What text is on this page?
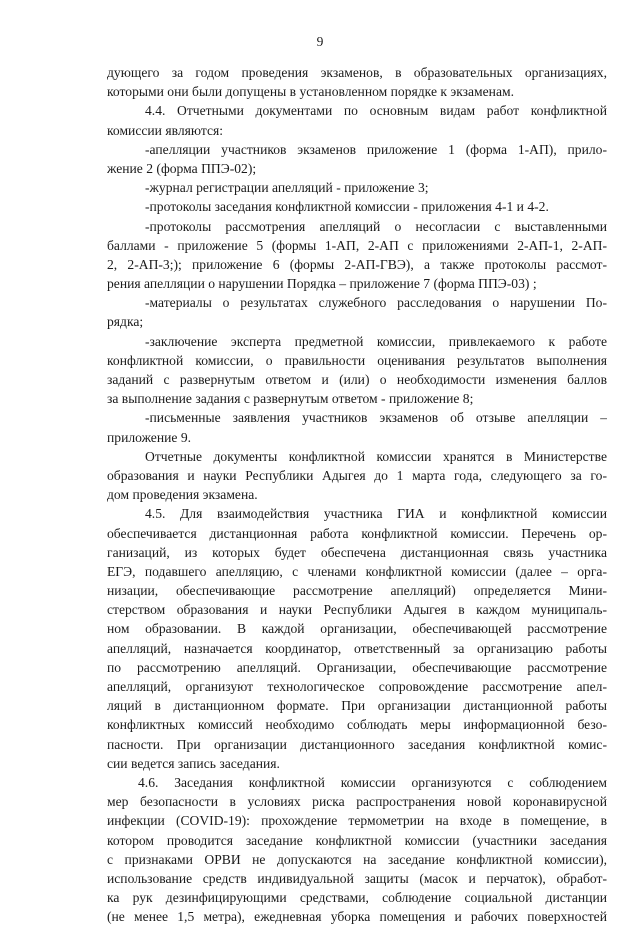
9
дующего за годом проведения экзаменов, в образовательных организациях,
которыми они были допущены в установленном порядке к экзаменам.
4.4. Отчетными документами по основным видам работ конфликтной
комиссии являются:
-апелляции участников экзаменов приложение 1 (форма 1-АП), прило-
жение 2 (форма ППЭ-02);
-журнал регистрации апелляций - приложение 3;
-протоколы заседания конфликтной комиссии - приложения 4-1 и 4-2.
-протоколы рассмотрения апелляций о несогласии с выставленными
баллами - приложение 5 (формы 1-АП, 2-АП с приложениями 2-АП-1, 2-АП-
2, 2-АП-3;); приложение 6 (формы 2-АП-ГВЭ), а также протоколы рассмот-
рения апелляции о нарушении Порядка – приложение 7 (форма ППЭ-03) ;
-материалы о результатах служебного расследования о нарушении По-
рядка;
-заключение эксперта предметной комиссии, привлекаемого к работе
конфликтной комиссии, о правильности оценивания результатов выполнения
заданий с развернутым ответом и (или) о необходимости изменения баллов
за выполнение задания с развернутым ответом - приложение 8;
-письменные заявления участников экзаменов об отзыве апелляции –
приложение 9.
Отчетные документы конфликтной комиссии хранятся в Министерстве
образования и науки Республики Адыгея до 1 марта года, следующего за го-
дом проведения экзамена.
4.5. Для взаимодействия участника ГИА и конфликтной комиссии
обеспечивается дистанционная работа конфликтной комиссии. Перечень ор-
ганизаций, из которых будет обеспечена дистанционная связь участника
ЕГЭ, подавшего апелляцию, с членами конфликтной комиссии (далее – орга-
низации, обеспечивающие рассмотрение апелляций) определяется Мини-
стерством образования и науки Республики Адыгея в каждом муниципаль-
ном образовании. В каждой организации, обеспечивающей рассмотрение
апелляций, назначается координатор, ответственный за организацию работы
по рассмотрению апелляций. Организации, обеспечивающие рассмотрение
апелляций, организуют технологическое сопровождение рассмотрение апел-
ляций в дистанционном формате. При организации дистанционной работы
конфликтных комиссий необходимо соблюдать меры информационной безо-
пасности. При организации дистанционного заседания конфликтной комис-
сии ведется запись заседания.
4.6. Заседания конфликтной комиссии организуются с соблюдением
мер безопасности в условиях риска распространения новой коронавирусной
инфекции (COVID-19): прохождение термометрии на входе в помещение, в
котором проводится заседание конфликтной комиссии (участники заседания
с признаками ОРВИ не допускаются на заседание конфликтной комиссии),
использование средств индивидуальной защиты (масок и перчаток), обработ-
ка рук дезинфицирующими средствами, соблюдение социальной дистанции
(не менее 1,5 метра), ежедневная уборка помещения и рабочих поверхностей
